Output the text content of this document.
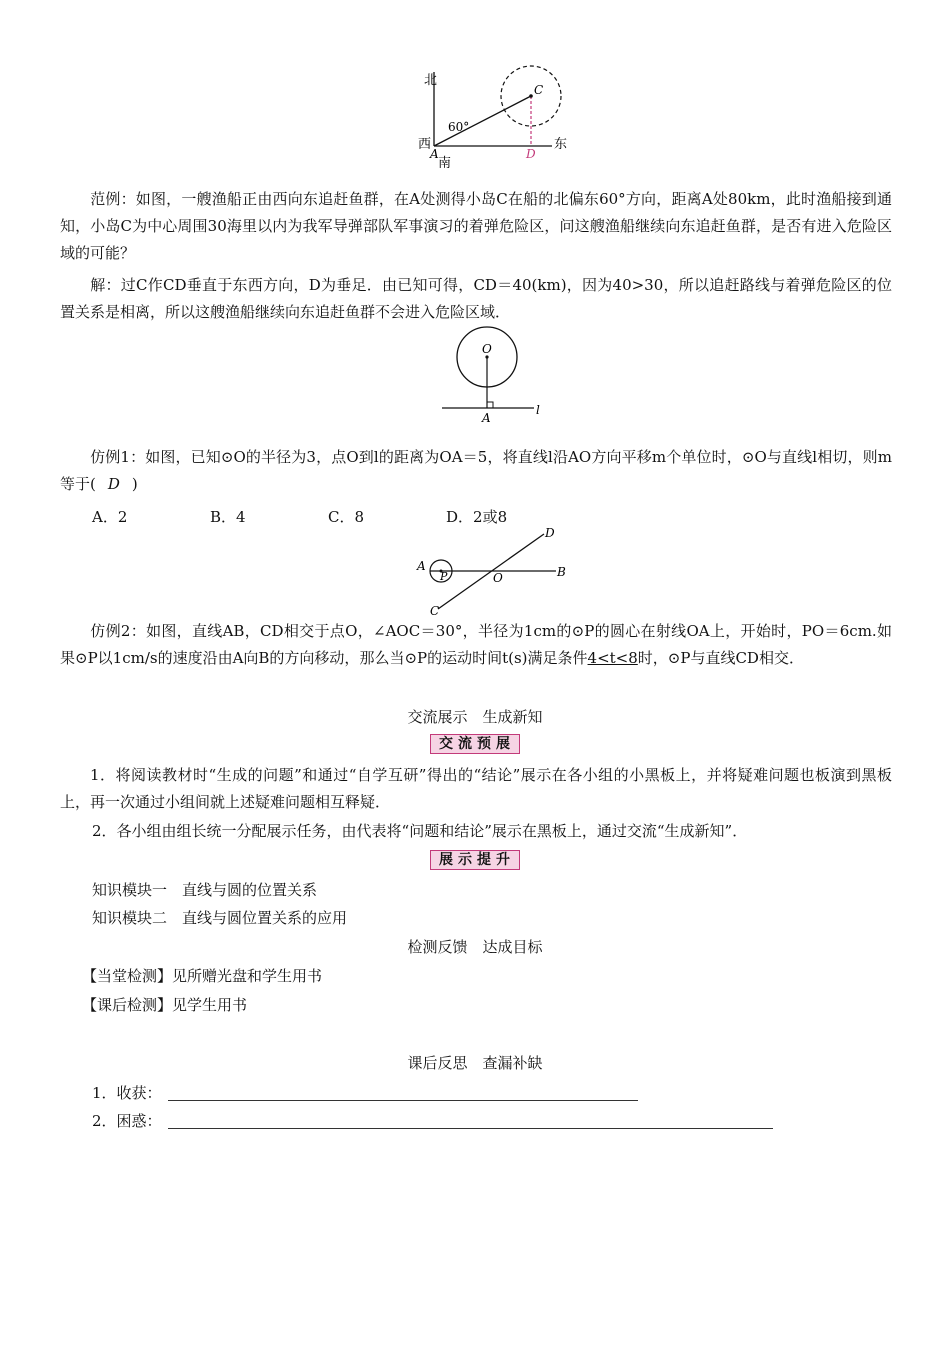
北
西	东
南
60°
A
C
D
范例：如图，一艘渔船正由西向东追赶鱼群，在A处测得小岛C在船的北偏东60°方向，距离A处80km，此时渔船接到通知，小岛C为中心周围30海里以内为我军导弹部队军事演习的着弹危险区，问这艘渔船继续向东追赶鱼群，是否有进入危险区域的可能？
解：过C作CD垂直于东西方向，D为垂足．由已知可得，CD＝40(km)，因为40>30，所以追赶路线与着弹危险区的位置关系是相离，所以这艘渔船继续向东追赶鱼群不会进入危险区域．
O
A
l
仿例1：如图，已知⊙O的半径为3，点O到l的距离为OA＝5，将直线l沿AO方向平移m个单位时，⊙O与直线l相切，则m等于( D )
A．2	B．4	C．8	D．2或8
A	B
C
D
O
P
仿例2：如图，直线AB，CD相交于点O，∠AOC＝30°，半径为1cm的⊙P的圆心在射线OA上，开始时，PO＝6cm.如果⊙P以1cm/s的速度沿由A向B的方向移动，那么当⊙P的运动时间t(s)满足条件4<t<8时，⊙P与直线CD相交．
交流展示　生成新知
交流预展
1．将阅读教材时“生成的问题”和通过“自学互研”得出的“结论”展示在各小组的小黑板上，并将疑难问题也板演到黑板上，再一次通过小组间就上述疑难问题相互释疑．
2．各小组由组长统一分配展示任务，由代表将“问题和结论”展示在黑板上，通过交流“生成新知”．
展示提升
知识模块一　直线与圆的位置关系
知识模块二　直线与圆位置关系的应用
检测反馈　达成目标
【当堂检测】见所赠光盘和学生用书
【课后检测】见学生用书
课后反思　查漏补缺
1．收获：
2．困惑：
